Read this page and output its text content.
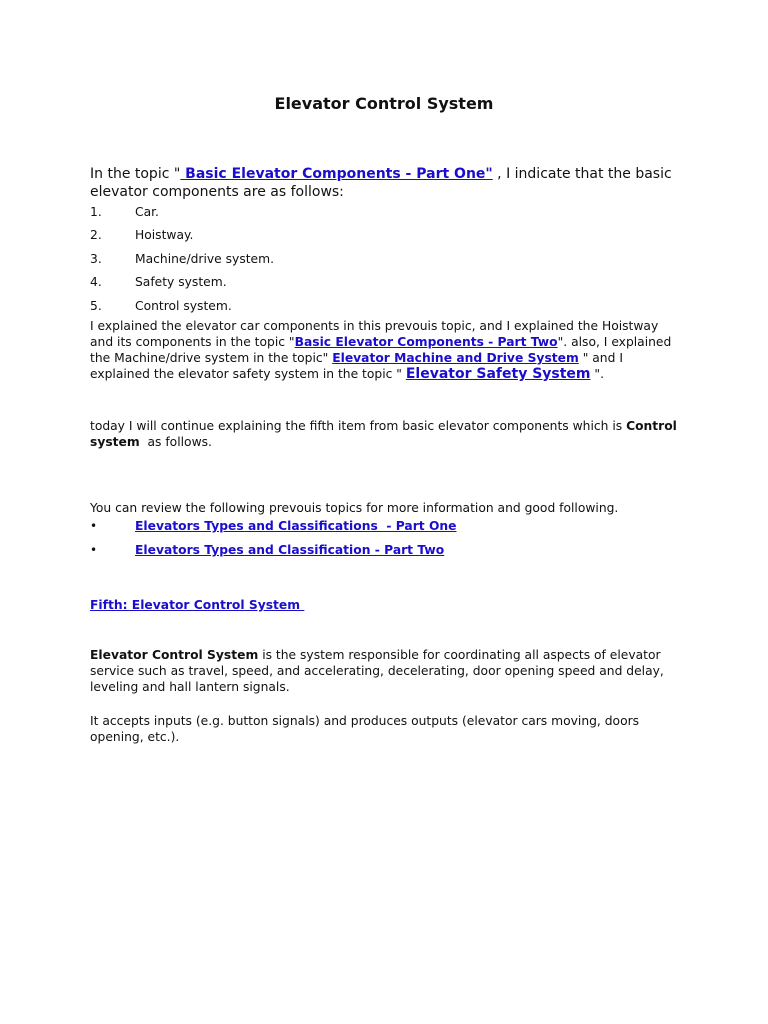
Elevator Control System
In the topic " Basic Elevator Components - Part One" , I indicate that the basic elevator components are as follows:
1.	Car.
2.	Hoistway.
3.	Machine/drive system.
4.	Safety system.
5.	Control system.
I explained the elevator car components in this prevouis topic, and I explained the Hoistway and its components in the topic "Basic Elevator Components - Part Two". also, I explained the Machine/drive system in the topic" Elevator Machine and Drive System " and I explained the elevator safety system in the topic " Elevator Safety System ".
today I will continue explaining the fifth item from basic elevator components which is Control system  as follows.
You can review the following prevouis topics for more information and good following.
•	Elevators Types and Classifications  - Part One
•	Elevators Types and Classification - Part Two
Fifth: Elevator Control System
Elevator Control System is the system responsible for coordinating all aspects of elevator service such as travel, speed, and accelerating, decelerating, door opening speed and delay, leveling and hall lantern signals.
It accepts inputs (e.g. button signals) and produces outputs (elevator cars moving, doors opening, etc.).
